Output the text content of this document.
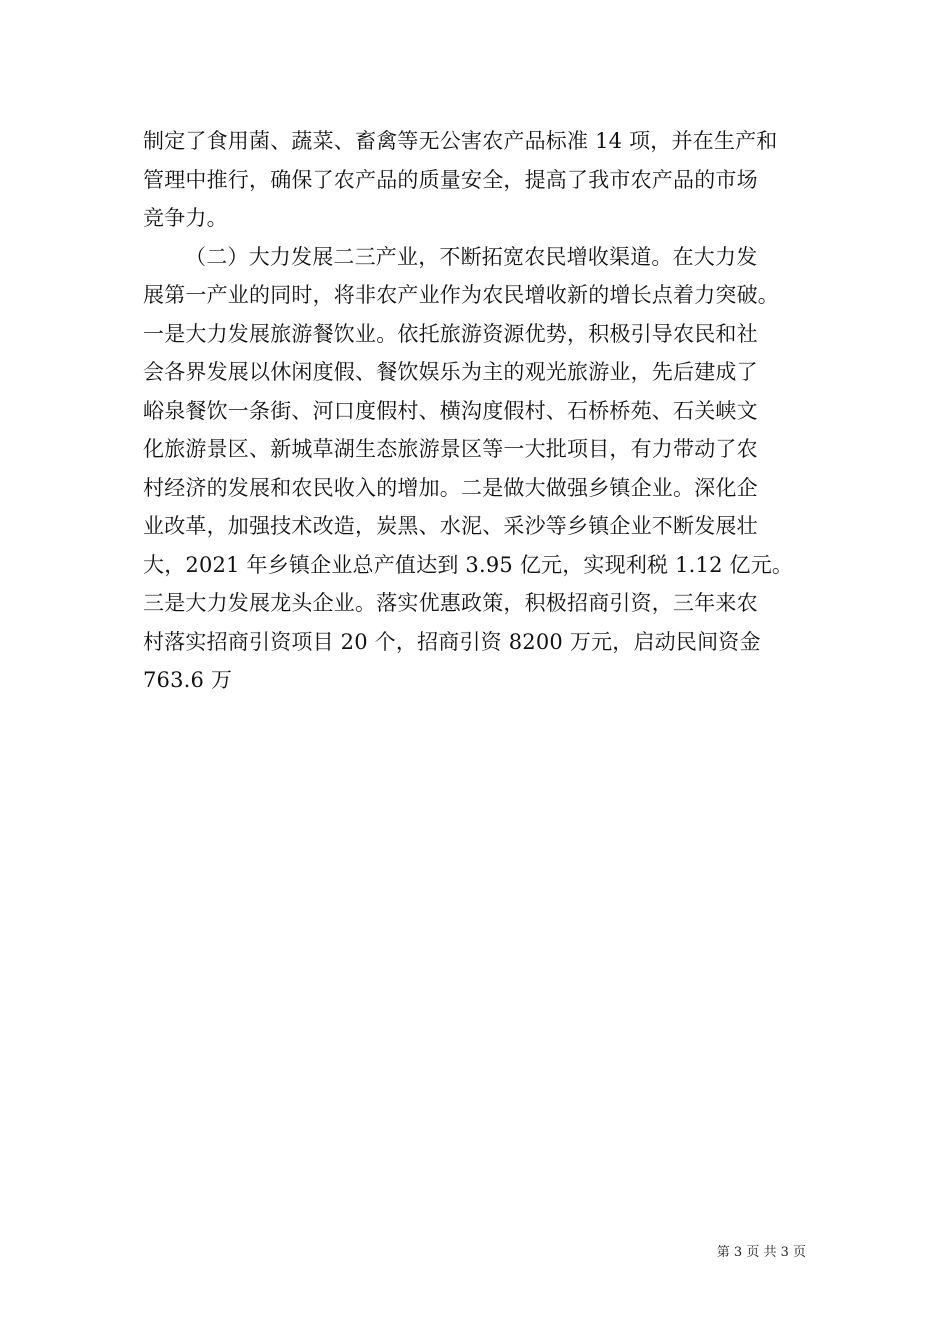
制定了食用菌、蔬菜、畜禽等无公害农产品标准 14 项，并在生产和
管理中推行，确保了农产品的质量安全，提高了我市农产品的市场
竞争力。
（二）大力发展二三产业，不断拓宽农民增收渠道。在大力发
展第一产业的同时，将非农产业作为农民增收新的增长点着力突破。
一是大力发展旅游餐饮业。依托旅游资源优势，积极引导农民和社
会各界发展以休闲度假、餐饮娱乐为主的观光旅游业，先后建成了
峪泉餐饮一条街、河口度假村、横沟度假村、石桥桥苑、石关峡文
化旅游景区、新城草湖生态旅游景区等一大批项目，有力带动了农
村经济的发展和农民收入的增加。二是做大做强乡镇企业。深化企
业改革，加强技术改造，炭黑、水泥、采沙等乡镇企业不断发展壮
大，2021 年乡镇企业总产值达到 3.95 亿元，实现利税 1.12 亿元。
三是大力发展龙头企业。落实优惠政策，积极招商引资，三年来农
村落实招商引资项目 20 个，招商引资 8200 万元，启动民间资金
763.6 万
第 3 页 共 3 页
